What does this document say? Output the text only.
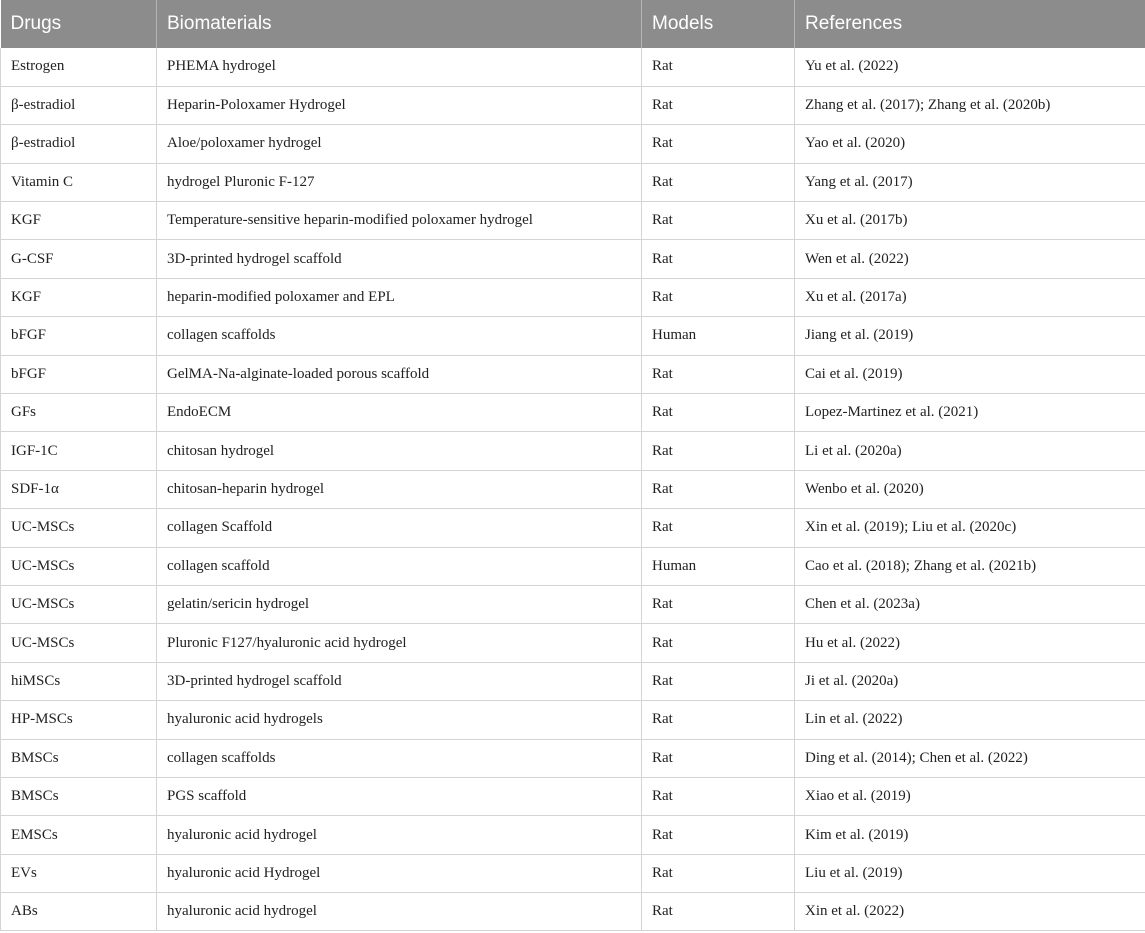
Drugs	Biomaterials	Models	References
Estrogen	PHEMA hydrogel	Rat	Yu et al. (2022)
β-estradiol	Heparin-Poloxamer Hydrogel	Rat	Zhang et al. (2017); Zhang et al. (2020b)
β-estradiol	Aloe/poloxamer hydrogel	Rat	Yao et al. (2020)
Vitamin C	hydrogel Pluronic F-127	Rat	Yang et al. (2017)
KGF	Temperature-sensitive heparin-modified poloxamer hydrogel	Rat	Xu et al. (2017b)
G-CSF	3D-printed hydrogel scaffold	Rat	Wen et al. (2022)
KGF	heparin-modified poloxamer and EPL	Rat	Xu et al. (2017a)
bFGF	collagen scaffolds	Human	Jiang et al. (2019)
bFGF	GelMA-Na-alginate-loaded porous scaffold	Rat	Cai et al. (2019)
GFs	EndoECM	Rat	Lopez-Martinez et al. (2021)
IGF-1C	chitosan hydrogel	Rat	Li et al. (2020a)
SDF-1α	chitosan-heparin hydrogel	Rat	Wenbo et al. (2020)
UC-MSCs	collagen Scaffold	Rat	Xin et al. (2019); Liu et al. (2020c)
UC-MSCs	collagen scaffold	Human	Cao et al. (2018); Zhang et al. (2021b)
UC-MSCs	gelatin/sericin hydrogel	Rat	Chen et al. (2023a)
UC-MSCs	Pluronic F127/hyaluronic acid hydrogel	Rat	Hu et al. (2022)
hiMSCs	3D-printed hydrogel scaffold	Rat	Ji et al. (2020a)
HP-MSCs	hyaluronic acid hydrogels	Rat	Lin et al. (2022)
BMSCs	collagen scaffolds	Rat	Ding et al. (2014); Chen et al. (2022)
BMSCs	PGS scaffold	Rat	Xiao et al. (2019)
EMSCs	hyaluronic acid hydrogel	Rat	Kim et al. (2019)
EVs	hyaluronic acid Hydrogel	Rat	Liu et al. (2019)
ABs	hyaluronic acid hydrogel	Rat	Xin et al. (2022)
